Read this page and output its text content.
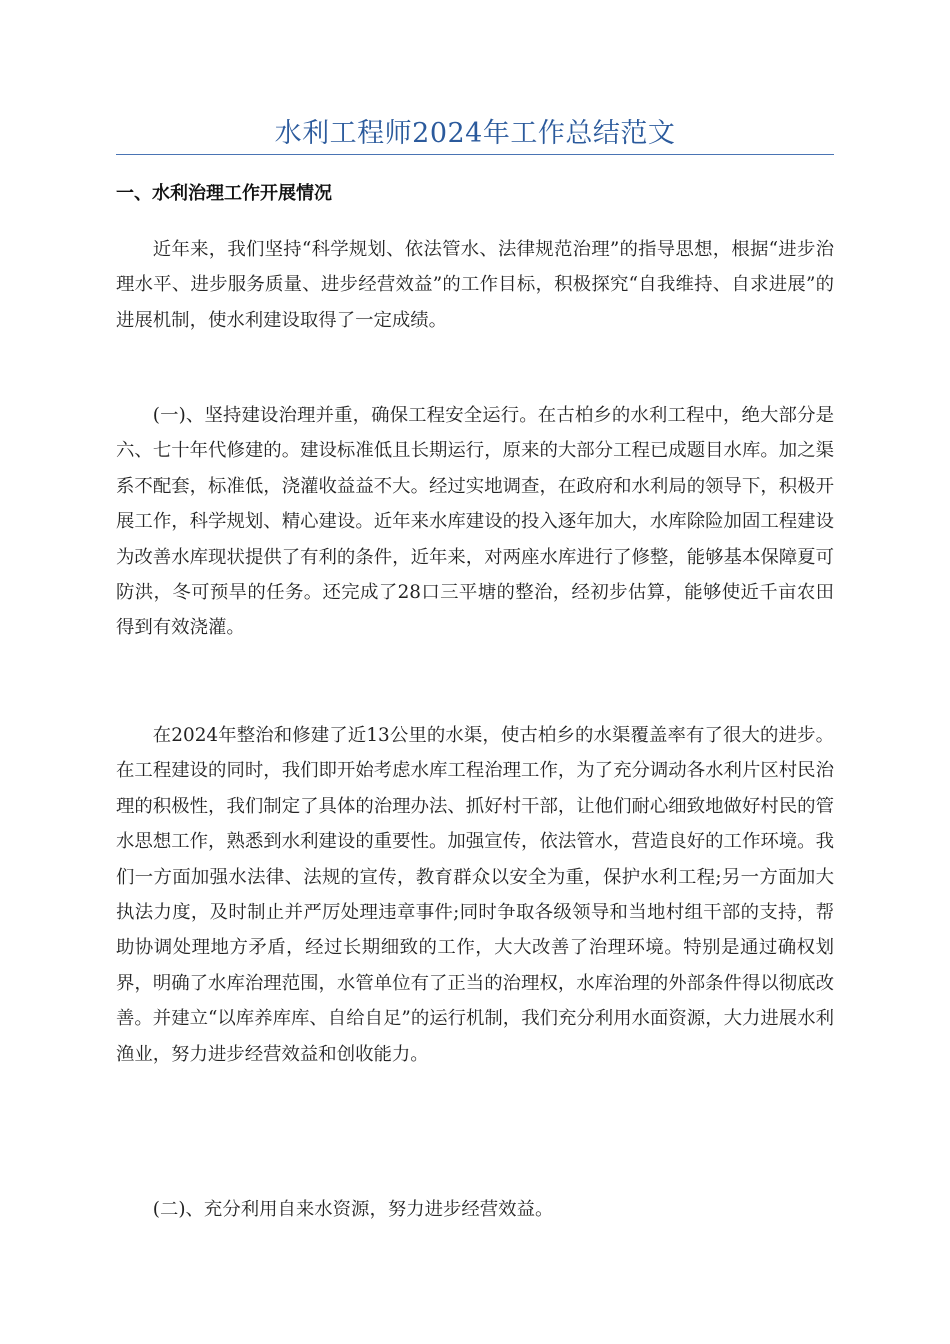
水利工程师2024年工作总结范文
一、水利治理工作开展情况

近年来，我们坚持“科学规划、依法管水、法律规范治理”的指导思想，根据“进步治理水平、进步服务质量、进步经营效益”的工作目标，积极探究“自我维持、自求进展”的进展机制，使水利建设取得了一定成绩。

(一)、坚持建设治理并重，确保工程安全运行。在古柏乡的水利工程中，绝大部分是六、七十年代修建的。建设标准低且长期运行，原来的大部分工程已成题目水库。加之渠系不配套，标准低，浇灌收益益不大。经过实地调查，在政府和水利局的领导下，积极开展工作，科学规划、精心建设。近年来水库建设的投入逐年加大，水库除险加固工程建设为改善水库现状提供了有利的条件，近年来，对两座水库进行了修整，能够基本保障夏可防洪，冬可预旱的任务。还完成了28口三平塘的整治，经初步估算，能够使近千亩农田得到有效浇灌。

在2024年整治和修建了近13公里的水渠，使古柏乡的水渠覆盖率有了很大的进步。在工程建设的同时，我们即开始考虑水库工程治理工作，为了充分调动各水利片区村民治理的积极性，我们制定了具体的治理办法、抓好村干部，让他们耐心细致地做好村民的管水思想工作，熟悉到水利建设的重要性。加强宣传，依法管水，营造良好的工作环境。我们一方面加强水法律、法规的宣传，教育群众以安全为重，保护水利工程;另一方面加大执法力度，及时制止并严厉处理违章事件;同时争取各级领导和当地村组干部的支持，帮助协调处理地方矛盾，经过长期细致的工作，大大改善了治理环境。特别是通过确权划界，明确了水库治理范围，水管单位有了正当的治理权，水库治理的外部条件得以彻底改善。并建立“以库养库库、自给自足”的运行机制，我们充分利用水面资源，大力进展水利渔业，努力进步经营效益和创收能力。

(二)、充分利用自来水资源，努力进步经营效益。
